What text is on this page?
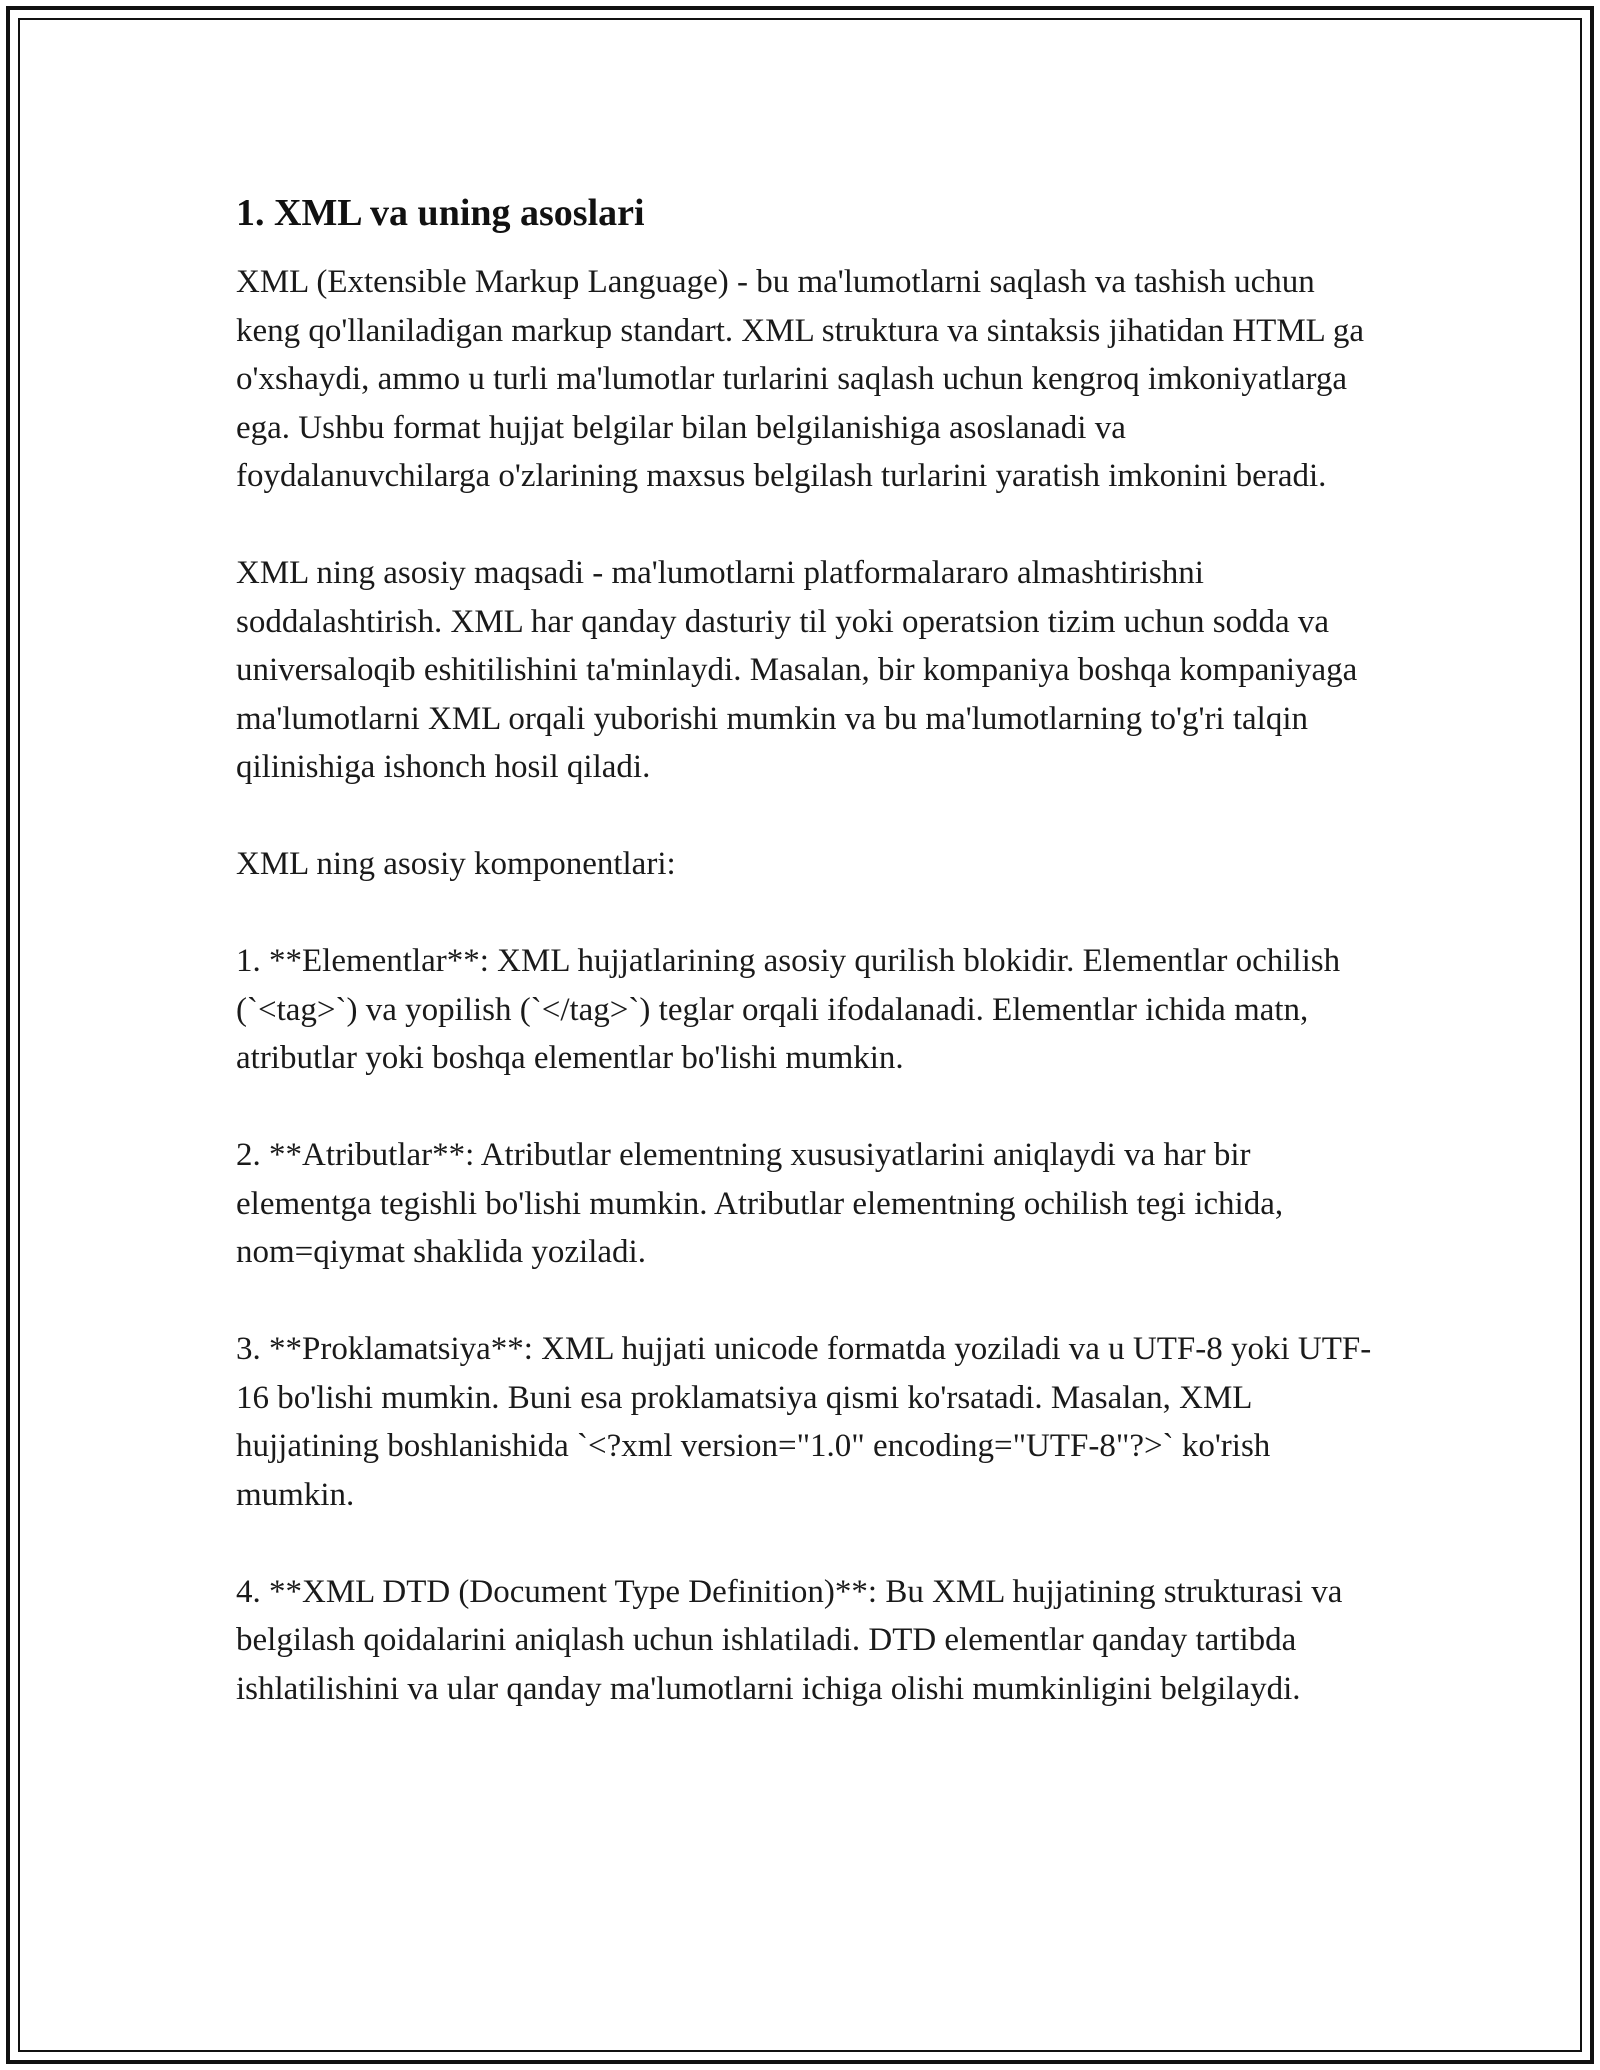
1. XML va uning asoslari

XML (Extensible Markup Language) - bu ma'lumotlarni saqlash va tashish uchun keng qo'llaniladigan markup standart. XML struktura va sintaksis jihatidan HTML ga o'xshaydi, ammo u turli ma'lumotlar turlarini saqlash uchun kengroq imkoniyatlarga ega. Ushbu format hujjat belgilar bilan belgilanishiga asoslanadi va foydalanuvchilarga o'zlarining maxsus belgilash turlarini yaratish imkonini beradi.

XML ning asosiy maqsadi - ma'lumotlarni platformalararo almashtirishni soddalashtirish. XML har qanday dasturiy til yoki operatsion tizim uchun sodda va universaloqib eshitilishini ta'minlaydi. Masalan, bir kompaniya boshqa kompaniyaga ma'lumotlarni XML orqali yuborishi mumkin va bu ma'lumotlarning to'g'ri talqin qilinishiga ishonch hosil qiladi.

XML ning asosiy komponentlari:

1. **Elementlar**: XML hujjatlarining asosiy qurilish blokidir. Elementlar ochilish (`<tag>`) va yopilish (`</tag>`) teglar orqali ifodalanadi. Elementlar ichida matn, atributlar yoki boshqa elementlar bo'lishi mumkin.

2. **Atributlar**: Atributlar elementning xususiyatlarini aniqlaydi va har bir elementga tegishli bo'lishi mumkin. Atributlar elementning ochilish tegi ichida, nom=qiymat shaklida yoziladi.

3. **Proklamatsiya**: XML hujjati unicode formatda yoziladi va u UTF-8 yoki UTF-16 bo'lishi mumkin. Buni esa proklamatsiya qismi ko'rsatadi. Masalan, XML hujjatining boshlanishida `<?xml version="1.0" encoding="UTF-8"?>` ko'rish mumkin.

4. **XML DTD (Document Type Definition)**: Bu XML hujjatining strukturasi va belgilash qoidalarini aniqlash uchun ishlatiladi. DTD elementlar qanday tartibda ishlatilishini va ular qanday ma'lumotlarni ichiga olishi mumkinligini belgilaydi.
